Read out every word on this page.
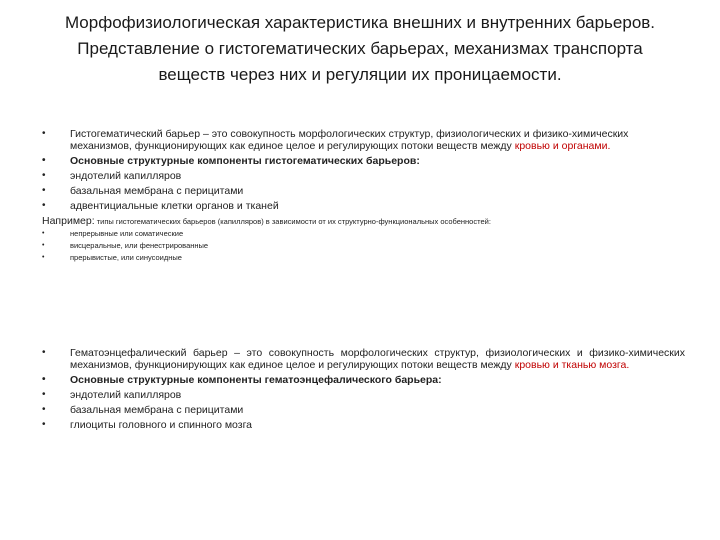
Морфофизиологическая характеристика внешних и внутренних барьеров.
Представление о гистогематических барьерах, механизмах транспорта
веществ через них и регуляции их проницаемости.
• Гистогематический барьер – это совокупность морфологических структур, физиологических и физико-химических механизмов, функционирующих как единое целое и регулирующих потоки веществ между кровью и органами.
• Основные структурные компоненты гистогематических барьеров:
• эндотелий капилляров
• базальная мембрана с перицитами
• адвентициальные клетки органов и тканей
Например: типы гистогематических барьеров (капилляров) в зависимости от их структурно-функциональных особенностей:
•	непрерывные или соматические
•	висцеральные, или фенестрированные
•	прерывистые, или синусоидные
• Гематоэнцефалический барьер – это совокупность морфологических структур, физиологических и физико-химических механизмов, функционирующих как единое целое и регулирующих потоки веществ между кровью и тканью мозга.
• Основные структурные компоненты гематоэнцефалического барьера:
• эндотелий капилляров
• базальная мембрана с перицитами
• глиоциты головного и спинного мозга
